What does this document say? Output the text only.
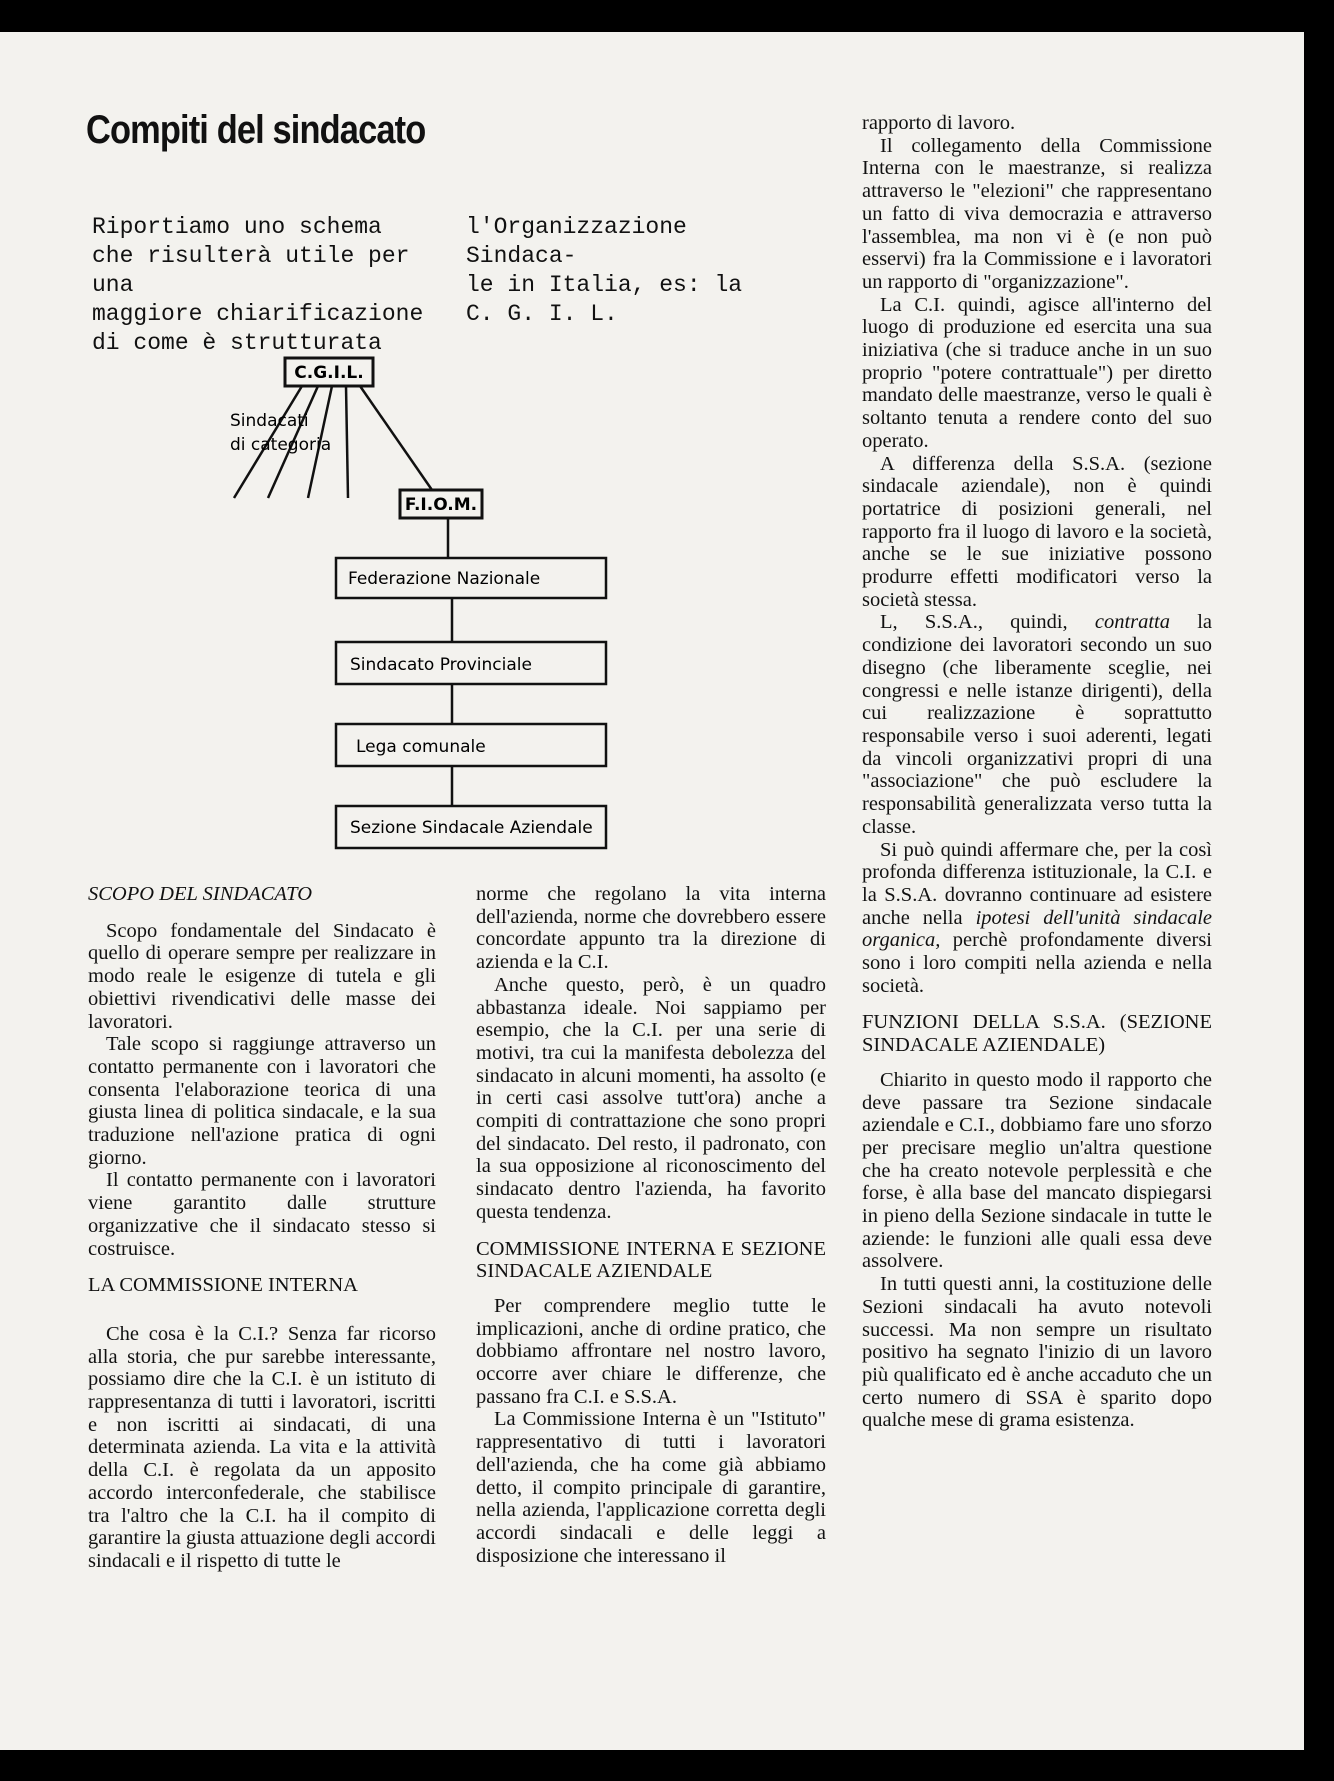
Compiti del sindacato
Riportiamo uno schema
che risulterà utile per una
maggiore chiarificazione
di come è strutturata
l'Organizzazione Sindaca-
le in Italia, es: la
C. G. I. L.
C.G.I.L.
Sindacati
di categoria
F.I.O.M.
Federazione Nazionale
Sindacato Provinciale
Lega comunale
Sezione Sindacale Aziendale
SCOPO DEL SINDACATO

Scopo fondamentale del Sindacato è quello di operare sempre per realizzare in modo reale le esigenze di tutela e gli obiettivi rivendicativi delle masse dei lavoratori.

Tale scopo si raggiunge attraverso un contatto permanente con i lavoratori che consenta l'elaborazione teorica di una giusta linea di politica sindacale, e la sua traduzione nell'azione pratica di ogni giorno.

Il contatto permanente con i lavoratori viene garantito dalle strutture organizzative che il sindacato stesso si costruisce.

LA COMMISSIONE INTERNA

Che cosa è la C.I.? Senza far ricorso alla storia, che pur sarebbe interessante, possiamo dire che la C.I. è un istituto di rappresentanza di tutti i lavoratori, iscritti e non iscritti ai sindacati, di una determinata azienda. La vita e la attività della C.I. è regolata da un apposito accordo interconfederale, che stabilisce tra l'altro che la C.I. ha il compito di garantire la giusta attuazione degli accordi sindacali e il rispetto di tutte le

norme che regolano la vita interna dell'azienda, norme che dovrebbero essere concordate appunto tra la direzione di azienda e la C.I.

Anche questo, però, è un quadro abbastanza ideale. Noi sappiamo per esempio, che la C.I. per una serie di motivi, tra cui la manifesta debolezza del sindacato in alcuni momenti, ha assolto (e in certi casi assolve tutt'ora) anche a compiti di contrattazione che sono propri del sindacato. Del resto, il padronato, con la sua opposizione al riconoscimento del sindacato dentro l'azienda, ha favorito questa tendenza.

COMMISSIONE INTERNA E SEZIONE SINDACALE AZIENDALE

Per comprendere meglio tutte le implicazioni, anche di ordine pratico, che dobbiamo affrontare nel nostro lavoro, occorre aver chiare le differenze, che passano fra C.I. e S.S.A.

La Commissione Interna è un "Istituto" rappresentativo di tutti i lavoratori dell'azienda, che ha come già abbiamo detto, il compito principale di garantire, nella azienda, l'applicazione corretta degli accordi sindacali e delle leggi a disposizione che interessano il

rapporto di lavoro.

Il collegamento della Commissione Interna con le maestranze, si realizza attraverso le "elezioni" che rappresentano un fatto di viva democrazia e attraverso l'assemblea, ma non vi è (e non può esservi) fra la Commissione e i lavoratori un rapporto di "organizzazione".

La C.I. quindi, agisce all'interno del luogo di produzione ed esercita una sua iniziativa (che si traduce anche in un suo proprio "potere contrattuale") per diretto mandato delle maestranze, verso le quali è soltanto tenuta a rendere conto del suo operato.

A differenza della S.S.A. (sezione sindacale aziendale), non è quindi portatrice di posizioni generali, nel rapporto fra il luogo di lavoro e la società, anche se le sue iniziative possono produrre effetti modificatori verso la società stessa.

L, S.S.A., quindi, contratta la condizione dei lavoratori secondo un suo disegno (che liberamente sceglie, nei congressi e nelle istanze dirigenti), della cui realizzazione è soprattutto responsabile verso i suoi aderenti, legati da vincoli organizzativi propri di una "associazione" che può escludere la responsabilità generalizzata verso tutta la classe.

Si può quindi affermare che, per la così profonda differenza istituzionale, la C.I. e la S.S.A. dovranno continuare ad esistere anche nella ipotesi dell'unità sindacale organica, perchè profondamente diversi sono i loro compiti nella azienda e nella società.

FUNZIONI DELLA S.S.A. (SEZIONE SINDACALE AZIENDALE)

Chiarito in questo modo il rapporto che deve passare tra Sezione sindacale aziendale e C.I., dobbiamo fare uno sforzo per precisare meglio un'altra questione che ha creato notevole perplessità e che forse, è alla base del mancato dispiegarsi in pieno della Sezione sindacale in tutte le aziende: le funzioni alle quali essa deve assolvere.

In tutti questi anni, la costituzione delle Sezioni sindacali ha avuto notevoli successi. Ma non sempre un risultato positivo ha segnato l'inizio di un lavoro più qualificato ed è anche accaduto che un certo numero di SSA è sparito dopo qualche mese di grama esistenza.
